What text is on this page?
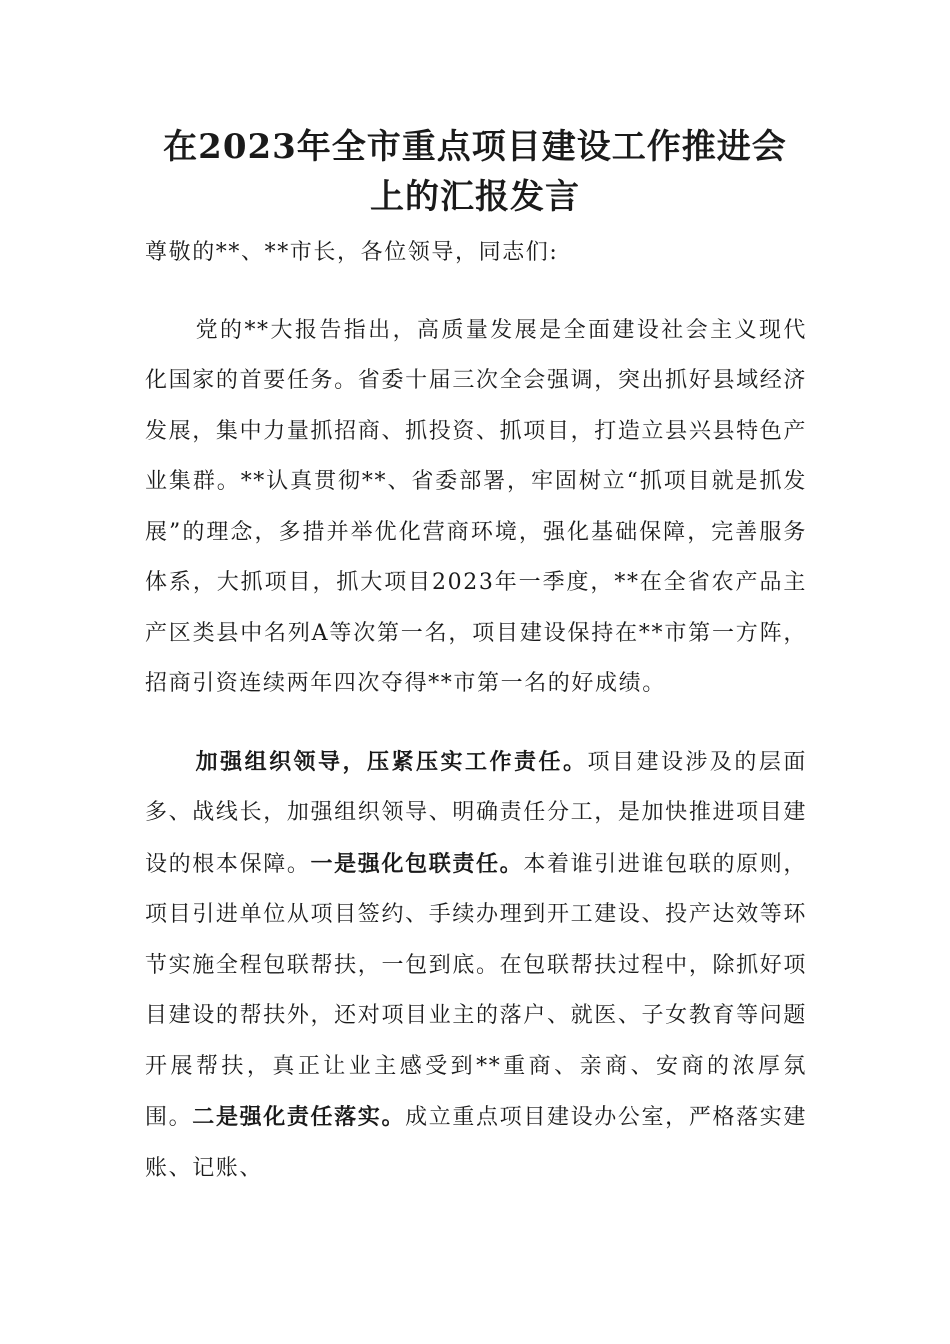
在2023年全市重点项目建设工作推进会
上的汇报发言

尊敬的**、**市长，各位领导，同志们:

党的**大报告指出，高质量发展是全面建设社会主义现代化国家的首要任务。省委十届三次全会强调，突出抓好县域经济发展，集中力量抓招商、抓投资、抓项目，打造立县兴县特色产业集群。**认真贯彻**、省委部署，牢固树立“抓项目就是抓发展”的理念，多措并举优化营商环境，强化基础保障，完善服务体系，大抓项目，抓大项目2023年一季度，**在全省农产品主产区类县中名列A等次第一名，项目建设保持在**市第一方阵，招商引资连续两年四次夺得**市第一名的好成绩。

加强组织领导，压紧压实工作责任。项目建设涉及的层面多、战线长，加强组织领导、明确责任分工，是加快推进项目建设的根本保障。一是强化包联责任。本着谁引进谁包联的原则，项目引进单位从项目签约、手续办理到开工建设、投产达效等环节实施全程包联帮扶，一包到底。在包联帮扶过程中，除抓好项目建设的帮扶外，还对项目业主的落户、就医、子女教育等问题开展帮扶，真正让业主感受到**重商、亲商、安商的浓厚氛围。二是强化责任落实。成立重点项目建设办公室，严格落实建账、记账、
